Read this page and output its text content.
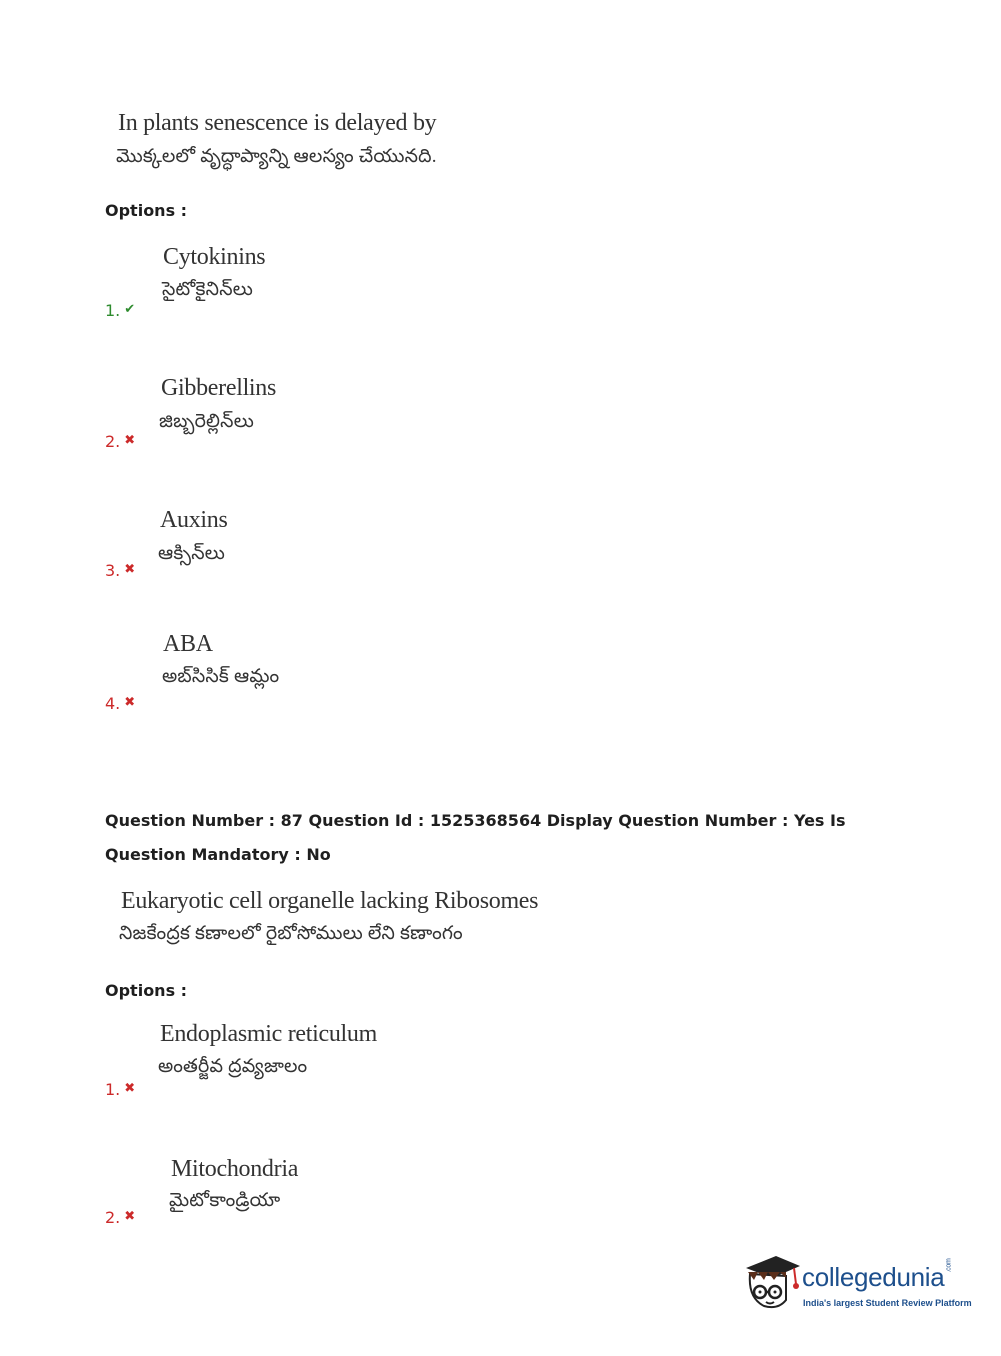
In plants senescence is delayed by
మొక్కలలో వృద్ధాప్యాన్ని ఆలస్యం చేయునది.
Options :
Cytokinins
సైటోకైనిన్‌లు
1. ✔
Gibberellins
జిబ్బరెల్లిన్‌లు
2. ✖
Auxins
ఆక్సిన్‌లు
3. ✖
ABA
అబ్‌సిసిక్ ఆమ్లం
4. ✖
Question Number : 87 Question Id : 1525368564 Display Question Number : Yes Is Question Mandatory : No
Eukaryotic cell organelle lacking Ribosomes
నిజకేంద్రక కణాలలో రైబోసోములు లేని కణాంగం
Options :
Endoplasmic reticulum
అంతర్జీవ ద్రవ్యజాలం
1. ✖
Mitochondria
మైటోకాండ్రియా
2. ✖
collegedunia.com
India's largest Student Review Platform
